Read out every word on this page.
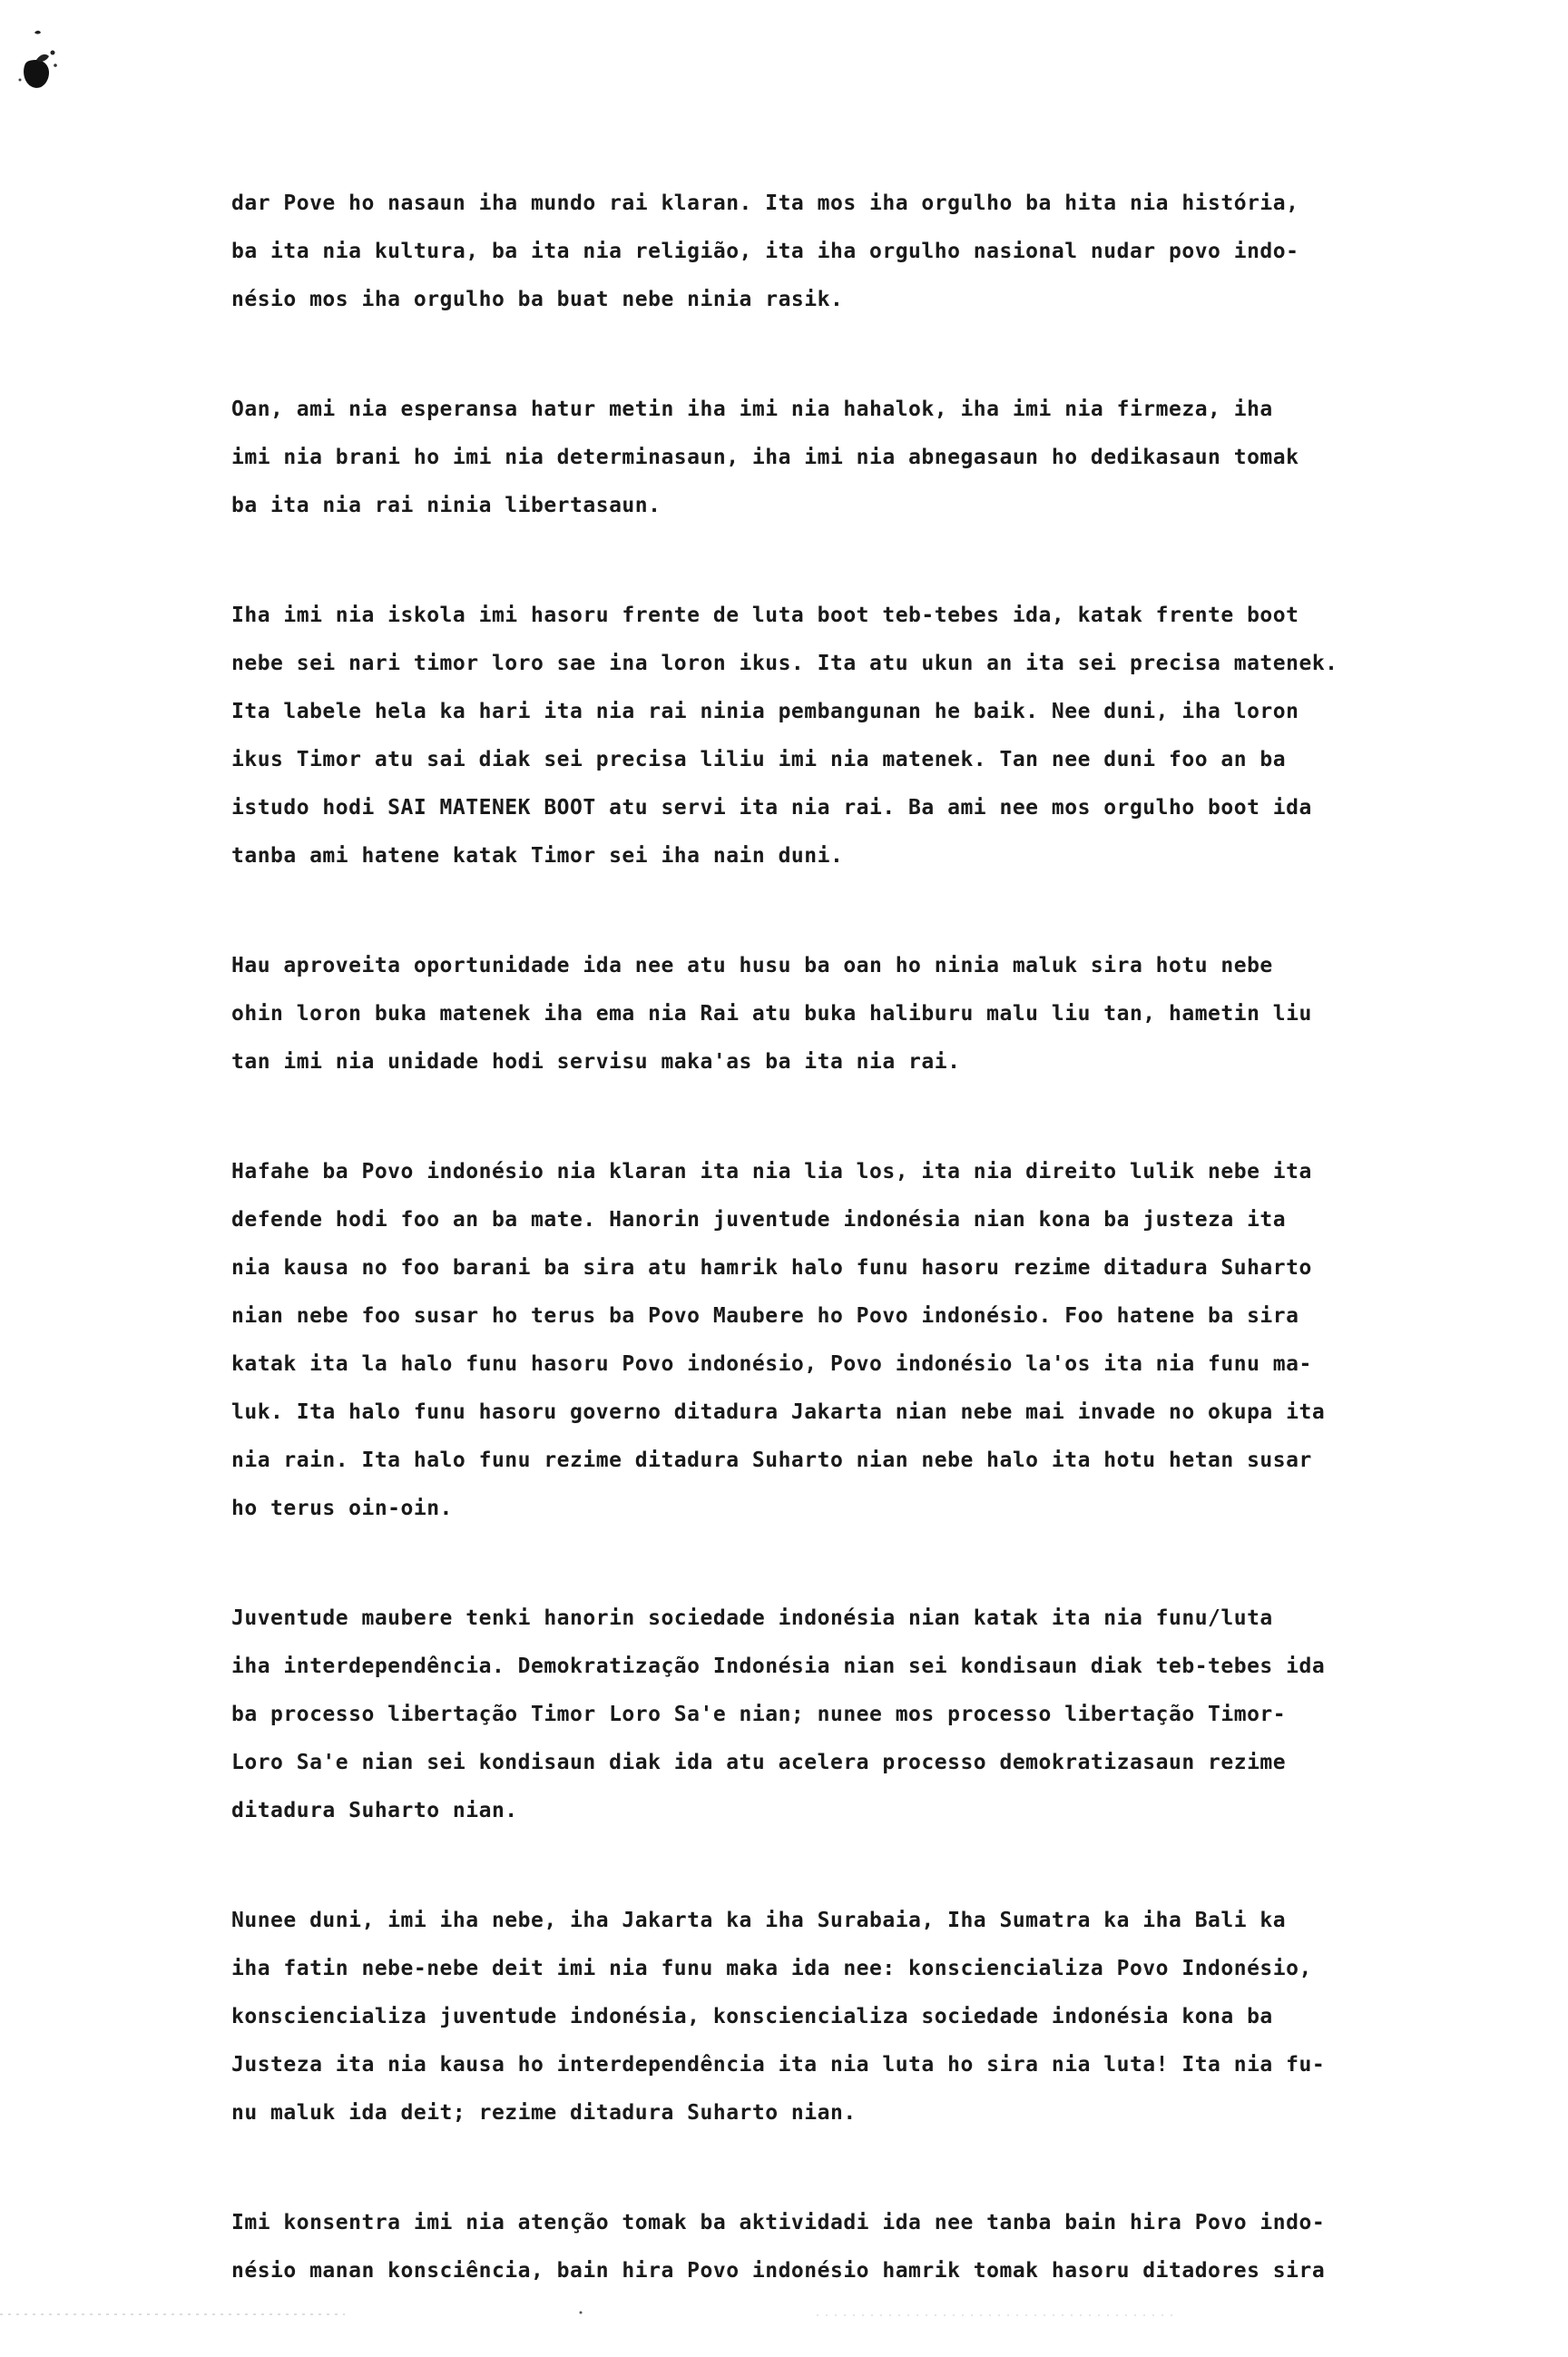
dar Pove ho nasaun iha mundo rai klaran. Ita mos iha orgulho ba hita nia história,
ba ita nia kultura, ba ita nia religião, ita iha orgulho nasional nudar povo indo-
nésio mos iha orgulho ba buat nebe ninia rasik.
Oan, ami nia esperansa hatur metin iha imi nia hahalok, iha imi nia firmeza, iha
imi nia brani ho imi nia determinasaun, iha imi nia abnegasaun ho dedikasaun tomak
ba ita nia rai ninia libertasaun.
Iha imi nia iskola imi hasoru frente de luta boot teb-tebes ida, katak frente boot
nebe sei nari timor loro sae ina loron ikus. Ita atu ukun an ita sei precisa matenek.
Ita labele hela ka hari ita nia rai ninia pembangunan he baik. Nee duni, iha loron
ikus Timor atu sai diak sei precisa liliu imi nia matenek. Tan nee duni foo an ba
istudo hodi SAI MATENEK BOOT atu servi ita nia rai. Ba ami nee mos orgulho boot ida
tanba ami hatene katak Timor sei iha nain duni.
Hau aproveita oportunidade ida nee atu husu ba oan ho ninia maluk sira hotu nebe
ohin loron buka matenek iha ema nia Rai atu buka haliburu malu liu tan, hametin liu
tan imi nia unidade hodi servisu maka'as ba ita nia rai.
Hafahe ba Povo indonésio nia klaran ita nia lia los, ita nia direito lulik nebe ita
defende hodi foo an ba mate. Hanorin juventude indonésia nian kona ba justeza ita
nia kausa no foo barani ba sira atu hamrik halo funu hasoru rezime ditadura Suharto
nian nebe foo susar ho terus ba Povo Maubere ho Povo indonésio. Foo hatene ba sira
katak ita la halo funu hasoru Povo indonésio, Povo indonésio la'os ita nia funu ma-
luk. Ita halo funu hasoru governo ditadura Jakarta nian nebe mai invade no okupa ita
nia rain. Ita halo funu rezime ditadura Suharto nian nebe halo ita hotu hetan susar
ho terus oin-oin.
Juventude maubere tenki hanorin sociedade indonésia nian katak ita nia funu/luta
iha interdependência. Demokratização Indonésia nian sei kondisaun diak teb-tebes ida
ba processo libertação Timor Loro Sa'e nian; nunee mos processo libertação Timor-
Loro Sa'e nian sei kondisaun diak ida atu acelera processo demokratizasaun rezime
ditadura Suharto nian.
Nunee duni, imi iha nebe, iha Jakarta ka iha Surabaia, Iha Sumatra ka iha Bali ka
iha fatin nebe-nebe deit imi nia funu maka ida nee: konsciencializa Povo Indonésio,
konsciencializa juventude indonésia, konsciencializa sociedade indonésia kona ba
Justeza ita nia kausa ho interdependência ita nia luta ho sira nia luta! Ita nia fu-
nu maluk ida deit; rezime ditadura Suharto nian.
Imi konsentra imi nia atenção tomak ba aktividadi ida nee tanba bain hira Povo indo-
nésio manan konsciência, bain hira Povo indonésio hamrik tomak hasoru ditadores sira
